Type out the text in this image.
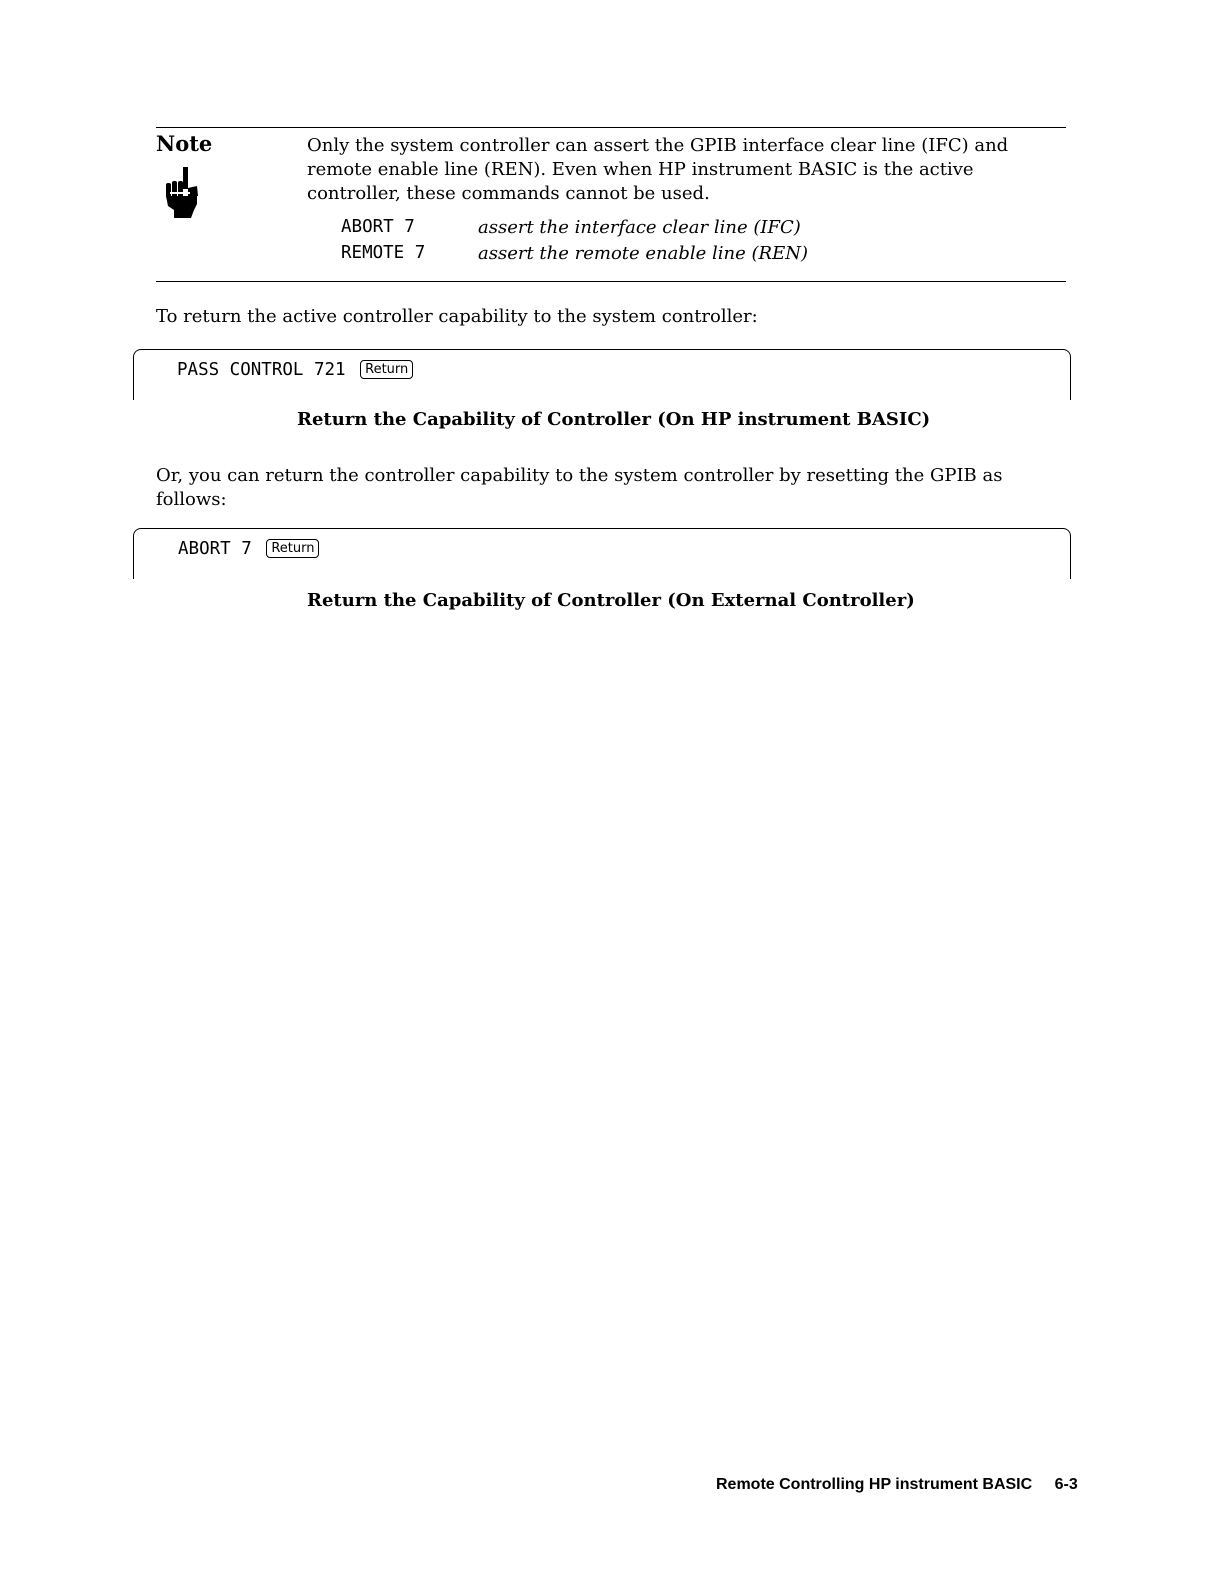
Note	Only the system controller can assert the GPIB interface clear line (IFC) and remote enable line (REN). Even when HP instrument BASIC is the active controller, these commands cannot be used.
ABORT 7	assert the interface clear line (IFC)
REMOTE 7	assert the remote enable line (REN)
To return the active controller capability to the system controller:
PASS CONTROL 721 Return
Return the Capability of Controller (On HP instrument BASIC)
Or, you can return the controller capability to the system controller by resetting the GPIB as follows:
ABORT 7 Return
Return the Capability of Controller (On External Controller)
Remote Controlling HP instrument BASIC 6-3
